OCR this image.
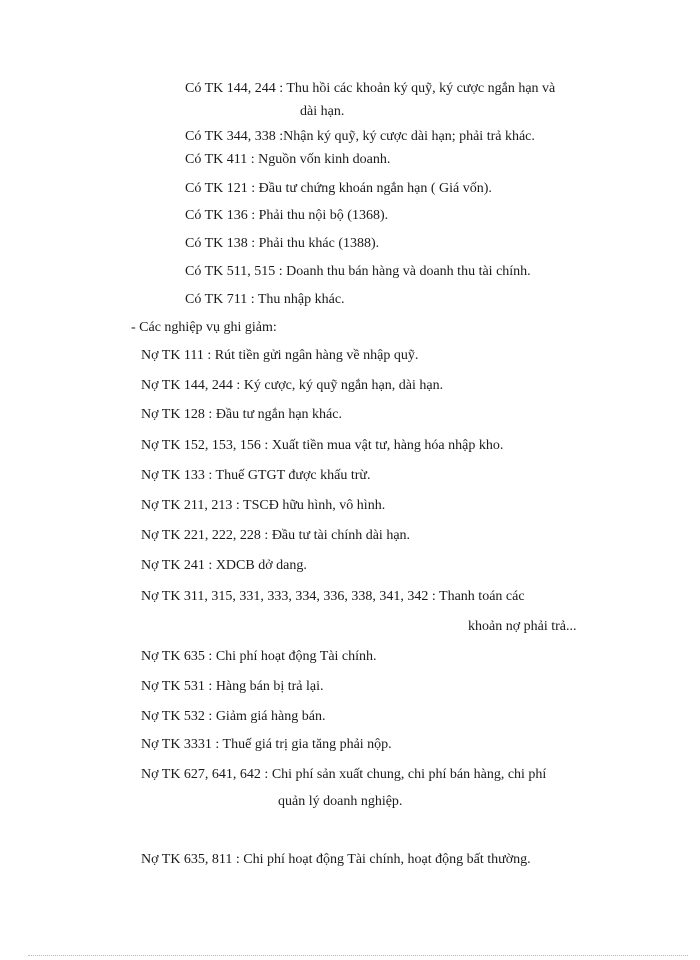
Có TK 144, 244 : Thu hồi các khoản ký quỹ, ký cược ngắn hạn và
dài hạn.
Có TK 344, 338 :Nhận ký quỹ, ký cược dài hạn; phải trả khác.
Có TK 411 : Nguồn vốn kinh doanh.
Có TK 121 : Đầu tư chứng khoán ngắn hạn ( Giá vốn).
Có TK 136 : Phải thu nội bộ (1368).
Có TK 138 : Phải thu khác (1388).
Có TK 511, 515 : Doanh thu bán hàng và doanh thu tài chính.
Có TK 711 : Thu nhập khác.
- Các nghiệp vụ ghi giảm:
Nợ TK 111 : Rút tiền gửi ngân hàng về nhập quỹ.
Nợ TK 144, 244 : Ký cược, ký quỹ ngắn hạn, dài hạn.
Nợ TK 128 : Đầu tư ngắn hạn khác.
Nợ TK 152, 153, 156 : Xuất tiền mua vật tư, hàng hóa nhập kho.
Nợ TK 133 : Thuế GTGT được khấu trừ.
Nợ TK 211, 213 : TSCĐ hữu hình, vô hình.
Nợ TK 221, 222, 228 : Đầu tư tài chính dài hạn.
Nợ TK 241 : XDCB dở dang.
Nợ TK 311, 315, 331, 333, 334, 336, 338, 341, 342 : Thanh toán các
khoản nợ phải trả...
Nợ TK 635 : Chi phí hoạt động Tài chính.
Nợ TK 531 : Hàng bán bị trả lại.
Nợ TK 532 : Giảm giá hàng bán.
Nợ TK 3331 : Thuế giá trị gia tăng phải nộp.
Nợ TK 627, 641, 642 : Chi phí sản xuất chung, chi phí bán hàng, chi phí
quản lý doanh nghiệp.
Nợ TK 635, 811 : Chi phí hoạt động Tài chính, hoạt động bất thường.
